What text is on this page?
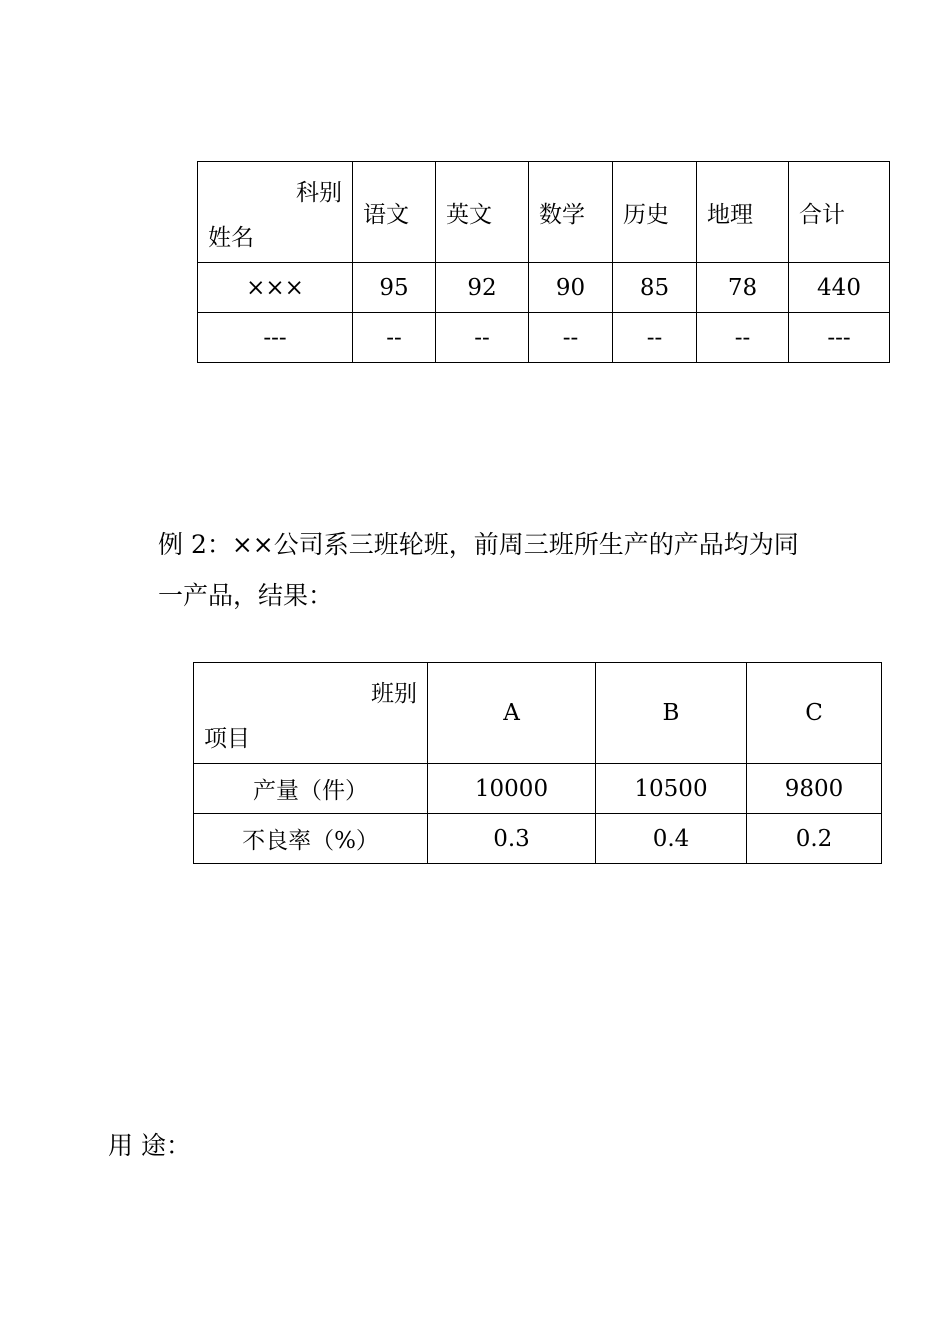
科别
姓名	语文	英文	数学	历史	地理	合计
×××	95	92	90	85	78	440
---	--	--	--	--	--	---

例 2：××公司系三班轮班，前周三班所生产的产品均为同

一产品，结果：

班别
项目	A	B	C
产量（件）	10000	10500	9800
不良率（%）	0.3	0.4	0.2

用 途：
